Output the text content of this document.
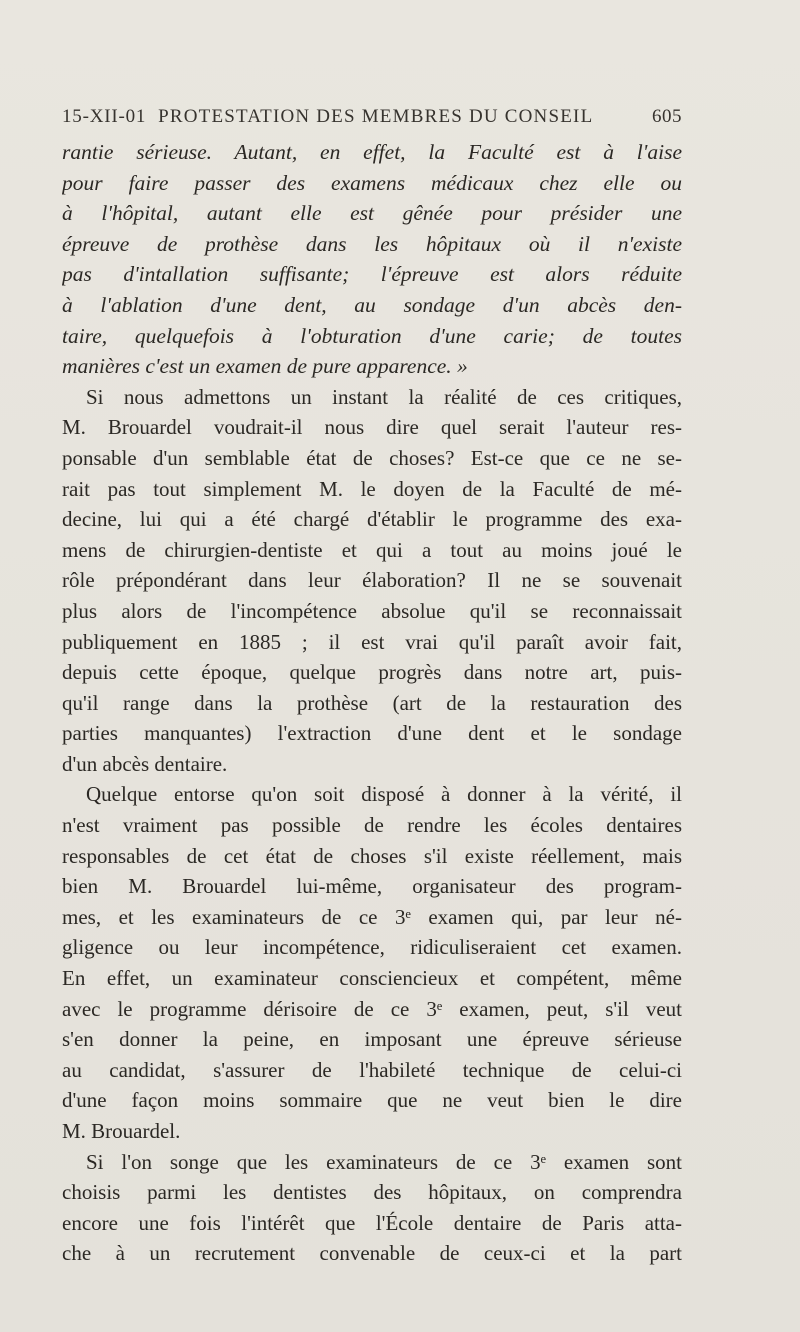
15-XII-01 PROTESTATION DES MEMBRES DU CONSEIL	605
rantie sérieuse. Autant, en effet, la Faculté est à l'aise
pour faire passer des examens médicaux chez elle ou
à l'hôpital, autant elle est gênée pour présider une
épreuve de prothèse dans les hôpitaux où il n'existe
pas d'intallation suffisante; l'épreuve est alors réduite
à l'ablation d'une dent, au sondage d'un abcès den-
taire, quelquefois à l'obturation d'une carie; de toutes
manières c'est un examen de pure apparence. »
Si nous admettons un instant la réalité de ces critiques,
M. Brouardel voudrait-il nous dire quel serait l'auteur res-
ponsable d'un semblable état de choses? Est-ce que ce ne se-
rait pas tout simplement M. le doyen de la Faculté de mé-
decine, lui qui a été chargé d'établir le programme des exa-
mens de chirurgien-dentiste et qui a tout au moins joué le
rôle prépondérant dans leur élaboration? Il ne se souvenait
plus alors de l'incompétence absolue qu'il se reconnaissait
publiquement en 1885 ; il est vrai qu'il paraît avoir fait,
depuis cette époque, quelque progrès dans notre art, puis-
qu'il range dans la prothèse (art de la restauration des
parties manquantes) l'extraction d'une dent et le sondage
d'un abcès dentaire.
Quelque entorse qu'on soit disposé à donner à la vérité, il
n'est vraiment pas possible de rendre les écoles dentaires
responsables de cet état de choses s'il existe réellement, mais
bien M. Brouardel lui-même, organisateur des program-
mes, et les examinateurs de ce 3ᵉ examen qui, par leur né-
gligence ou leur incompétence, ridiculiseraient cet examen.
En effet, un examinateur consciencieux et compétent, même
avec le programme dérisoire de ce 3ᵉ examen, peut, s'il veut
s'en donner la peine, en imposant une épreuve sérieuse
au candidat, s'assurer de l'habileté technique de celui-ci
d'une façon moins sommaire que ne veut bien le dire
M. Brouardel.
Si l'on songe que les examinateurs de ce 3ᵉ examen sont
choisis parmi les dentistes des hôpitaux, on comprendra
encore une fois l'intérêt que l'École dentaire de Paris atta-
che à un recrutement convenable de ceux-ci et la part
